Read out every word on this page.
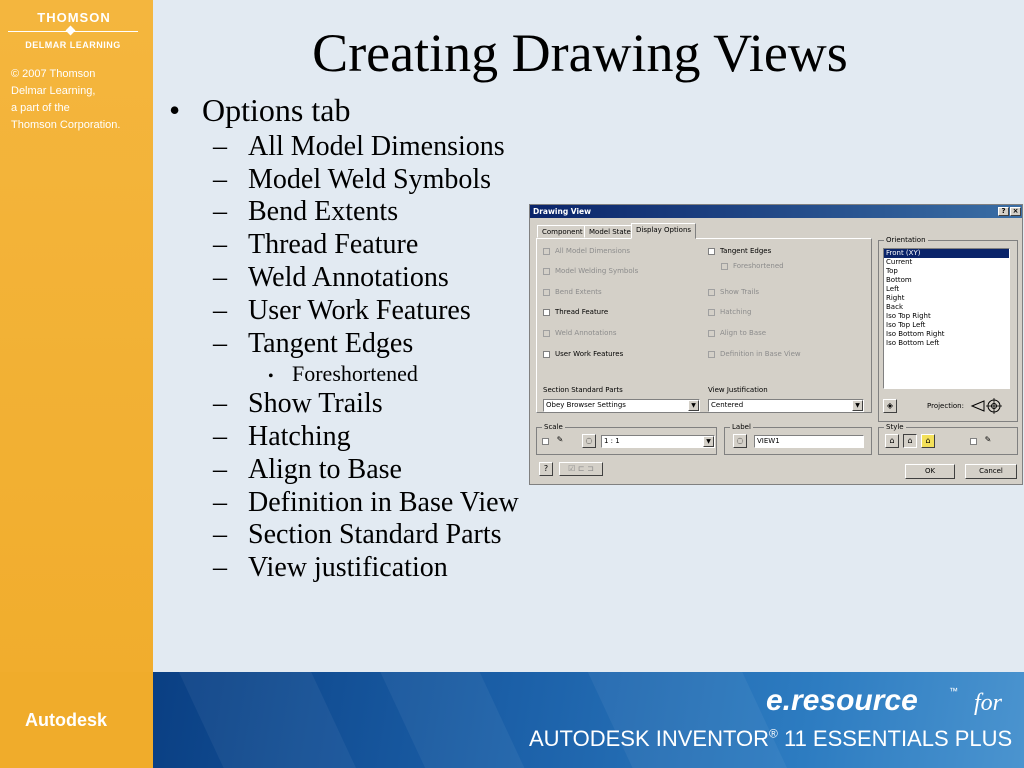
THOMSON
DELMAR LEARNING
© 2007 Thomson
Delmar Learning,
a part of the
Thomson Corporation.
Autodesk
e.resource	™ for
AUTODESK INVENTOR® 11 ESSENTIALS PLUS
Creating Drawing Views
• Options tab
– All Model Dimensions
– Model Weld Symbols
– Bend Extents
– Thread Feature
– Weld Annotations
– User Work Features
– Tangent Edges
• Foreshortened
– Show Trails
– Hatching
– Align to Base
– Definition in Base View
– Section Standard Parts
– View justification
Drawing View	?	×
Component Model State Display Options
All Model Dimensions
Model Welding Symbols
Bend Extents
Thread Feature
Weld Annotations
User Work Features
Tangent Edges
Foreshortened
Show Trails
Hatching
Align to Base
Definition in Base View
Section Standard Parts
Obey Browser Settings	▼
View Justification
Centered	▼
Orientation
Front (XY)
Current
Top
Bottom
Left
Right
Back
Iso Top Right
Iso Top Left
Iso Bottom Right
Iso Bottom Left
◈	Projection:
Scale
✎	◌	1 : 1	▼
Label
◌	VIEW1
Style
⌂	⌂	⌂	✎
?	☑ ⊏ ⊐	OK	Cancel
